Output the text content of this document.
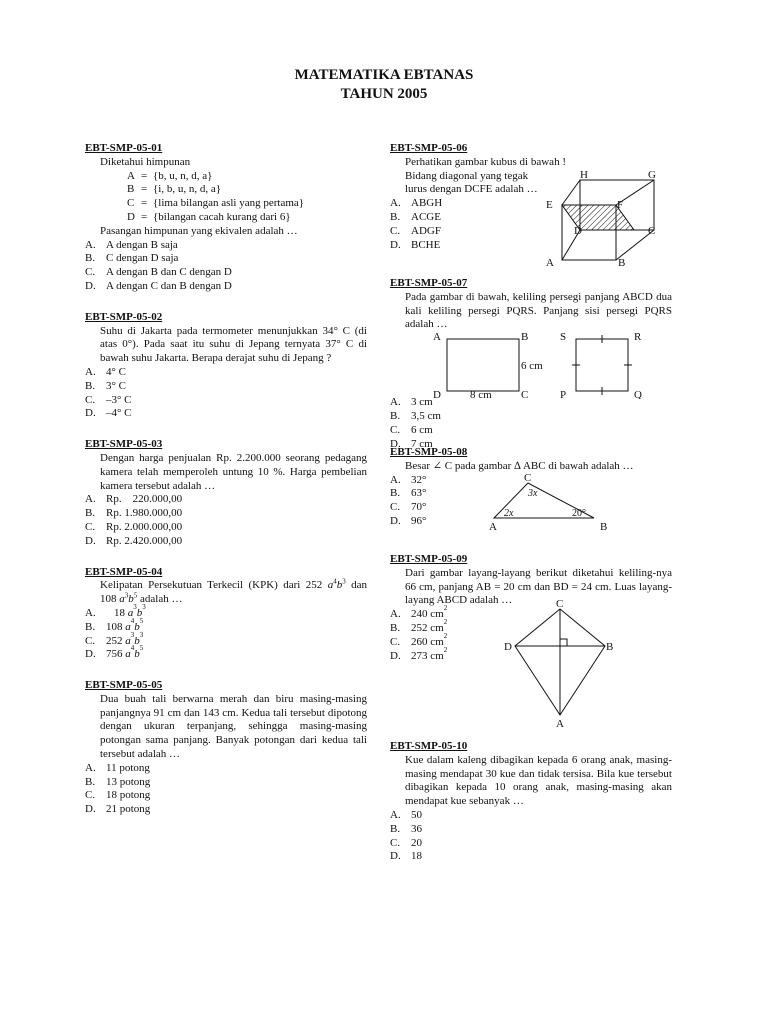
MATEMATIKA EBTANAS
TAHUN 2005
EBT-SMP-05-01
Diketahui himpunan
A = {b, u, n, d, a}
B = {i, b, u, n, d, a}
C = {lima bilangan asli yang pertama}
D = {bilangan cacah kurang dari 6}
Pasangan himpunan yang ekivalen adalah …
A. A dengan B saja
B. C dengan D saja
C. A dengan B dan C dengan D
D. A dengan C dan B dengan D
EBT-SMP-05-02
Suhu di Jakarta pada termometer menunjukkan 34° C (di atas 0°). Pada saat itu suhu di Jepang ternyata 37° C di bawah suhu Jakarta. Berapa derajat suhu di Jepang ?
A. 4° C
B. 3° C
C. –3° C
D. –4° C
EBT-SMP-05-03
Dengan harga penjualan Rp. 2.200.000 seorang pedagang kamera telah memperoleh untung 10 %. Harga pembelian kamera tersebut adalah …
A. Rp.    220.000,00
B. Rp. 1.980.000,00
C. Rp. 2.000.000,00
D. Rp. 2.420.000,00
EBT-SMP-05-04
Kelipatan Persekutuan Terkecil (KPK) dari 252 $a^4b^3$ dan 108 $a^3b^5$ adalah …
A.	18
a 3 b 3
B. 108
a 4 b 5
C. 252
a 3 b 3
D. 756
a 4 b 5
EBT-SMP-05-05
Dua buah tali berwarna merah dan biru masing-masing panjangnya 91 cm dan 143 cm. Kedua tali tersebut dipotong dengan ukuran terpanjang, sehingga masing-masing potongan sama panjang. Banyak potongan dari kedua tali tersebut adalah …
A. 11 potong
B. 13 potong
C. 18 potong
D. 21 potong
EBT-SMP-05-06
Perhatikan gambar kubus di bawah !
Bidang diagonal yang tegak
lurus dengan DCFE adalah …
A. ABGH
B. ACGE
C. ADGF
D. BCHE
H	G
E	F
D	C
A	B
EBT-SMP-05-07
Pada gambar di bawah, keliling persegi panjang ABCD dua kali keliling persegi PQRS. Panjang sisi persegi PQRS adalah …
A. 3 cm
B. 3,5 cm
C. 6 cm
D. 7 cm
A	B
C
D
6 cm
8 cm
S	R
P	Q
EBT-SMP-05-08
Besar ∠ C pada gambar ∆ ABC di bawah adalah …
A. 32°
B. 63°
C. 70°
D. 96°
C
3x
2x	20°
A	B
EBT-SMP-05-09
Dari gambar layang-layang berikut diketahui keliling-nya 66 cm, panjang AB = 20 cm dan BD = 24 cm. Luas layang-layang ABCD adalah …
A. 240 cm 2
B. 252 cm 2
C. 260 cm 2
D. 273 cm 2
C
D	B
A
EBT-SMP-05-10
Kue dalam kaleng dibagikan kepada 6 orang anak, masing-masing mendapat 30 kue dan tidak tersisa. Bila kue tersebut dibagikan kepada 10 orang anak, masing-masing akan mendapat kue sebanyak …
A. 50
B. 36
C. 20
D. 18
